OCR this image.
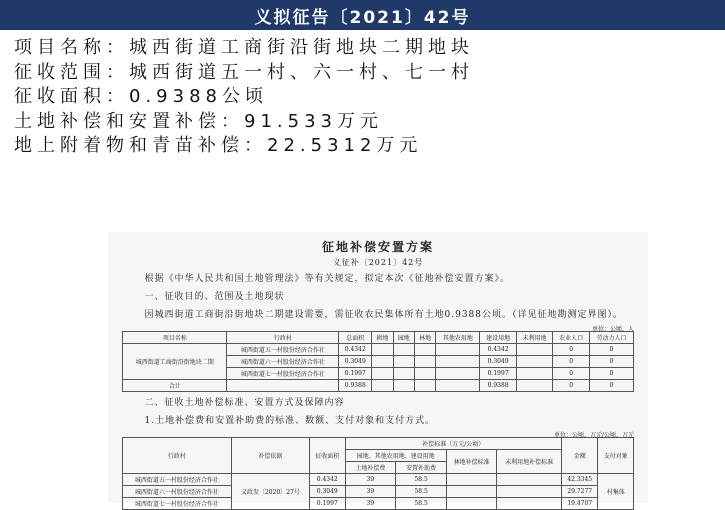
义拟征告〔2021〕42号

项目名称：城西街道工商街沿街地块二期地块

征收范围：城西街道五一村、六一村、七一村

征收面积：0.9388公顷

土地补偿和安置补偿：91.533万元

地上附着物和青苗补偿：22.5312万元

征地补偿安置方案
义征补〔2021〕42号

根据《中华人民共和国土地管理法》等有关规定，拟定本次《征地补偿安置方案》。

一、征收目的、范围及土地现状

因城西街道工商街沿街地块二期建设需要，需征收农民集体所有土地0.9388公顷。（详见征地勘测定界图）。

单位：公顷，人
项目名称	行政村	总面积	耕地	园地	林地	其他农用地	建设用地	未利用地	农业人口	劳动力人口
城西街道工商街沿街地块二期	城西街道五一村股份经济合作社	0.4342					0.4342		0	0
	城西街道六一村股份经济合作社	0.3049					0.3049		0	0
	城西街道七一村股份经济合作社	0.1997					0.1997		0	0
合计		0.9388					0.9388		0	0

二、征收土地补偿标准、安置方式及保障内容

1.土地补偿费和安置补助费的标准、数额、支付对象和支付方式。

单位：公顷，万元/公顷，万元
行政村	补偿依据	征收面积	补偿标准（万元/公顷）				金额	支付对象
			园地、其他农用地、建设用地		林地补偿标准	未利用地补偿标准		
			土地补偿费	安置补助费				
城西街道五一村股份经济合作社	义政发〔2020〕27号	0.4342	39	58.5			42.3345	村集体
城西街道六一村股份经济合作社		0.3049	39	58.5			29.7277	
城西街道七一村股份经济合作社		0.1997	39	58.5			19.4707	
